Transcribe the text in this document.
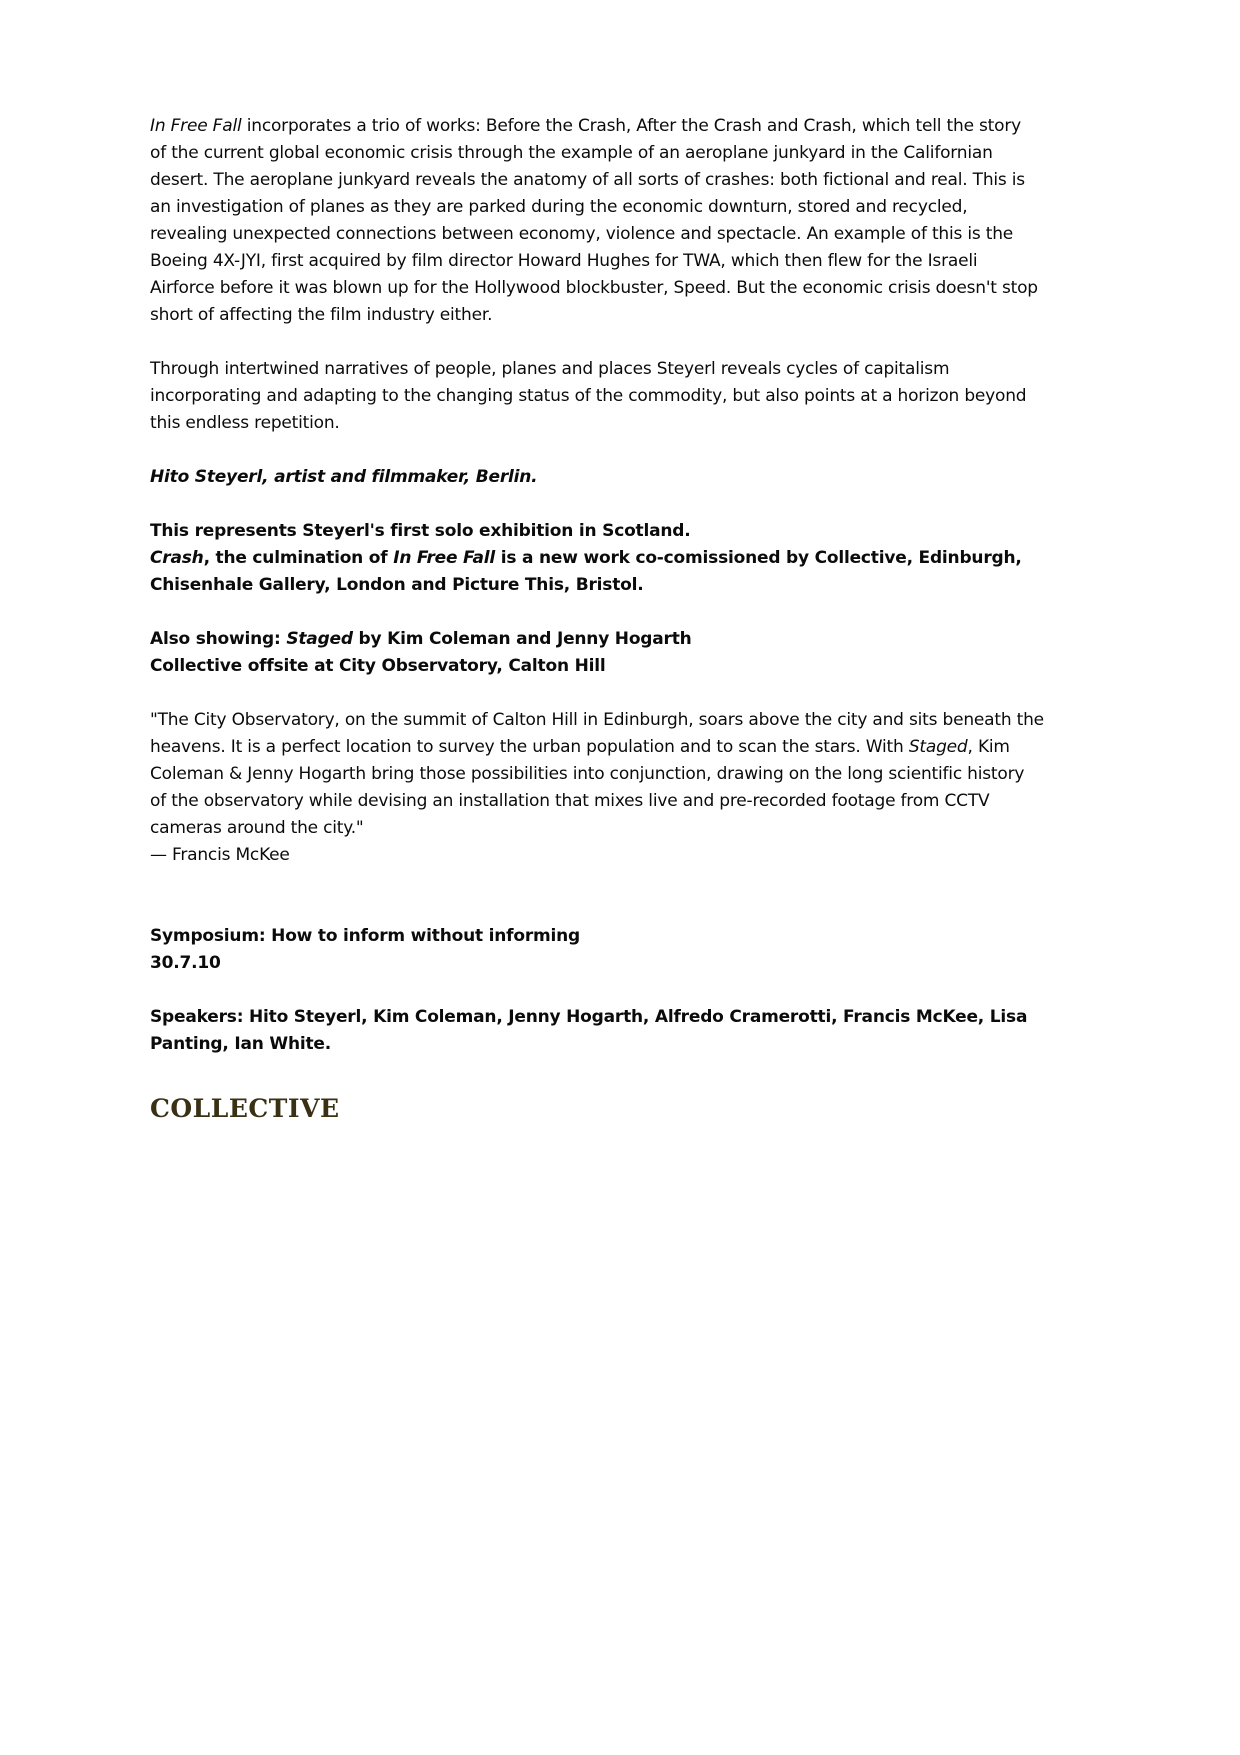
In Free Fall incorporates a trio of works: Before the Crash, After the Crash and Crash, which tell the story
of the current global economic crisis through the example of an aeroplane junkyard in the Californian
desert. The aeroplane junkyard reveals the anatomy of all sorts of crashes: both fictional and real. This is
an investigation of planes as they are parked during the economic downturn, stored and recycled,
revealing unexpected connections between economy, violence and spectacle. An example of this is the
Boeing 4X-JYI, first acquired by film director Howard Hughes for TWA, which then flew for the Israeli
Airforce before it was blown up for the Hollywood blockbuster, Speed. But the economic crisis doesn't stop
short of affecting the film industry either.

Through intertwined narratives of people, planes and places Steyerl reveals cycles of capitalism
incorporating and adapting to the changing status of the commodity, but also points at a horizon beyond
this endless repetition.

Hito Steyerl, artist and filmmaker, Berlin.

This represents Steyerl's first solo exhibition in Scotland.
Crash, the culmination of In Free Fall is a new work co-comissioned by Collective, Edinburgh,
Chisenhale Gallery, London and Picture This, Bristol.

Also showing: Staged by Kim Coleman and Jenny Hogarth
Collective offsite at City Observatory, Calton Hill

"The City Observatory, on the summit of Calton Hill in Edinburgh, soars above the city and sits beneath the
heavens. It is a perfect location to survey the urban population and to scan the stars. With Staged, Kim
Coleman & Jenny Hogarth bring those possibilities into conjunction, drawing on the long scientific history
of the observatory while devising an installation that mixes live and pre-recorded footage from CCTV
cameras around the city."
— Francis McKee

Symposium: How to inform without informing
30.7.10

Speakers: Hito Steyerl, Kim Coleman, Jenny Hogarth, Alfredo Cramerotti, Francis McKee, Lisa
Panting, Ian White.

collective
